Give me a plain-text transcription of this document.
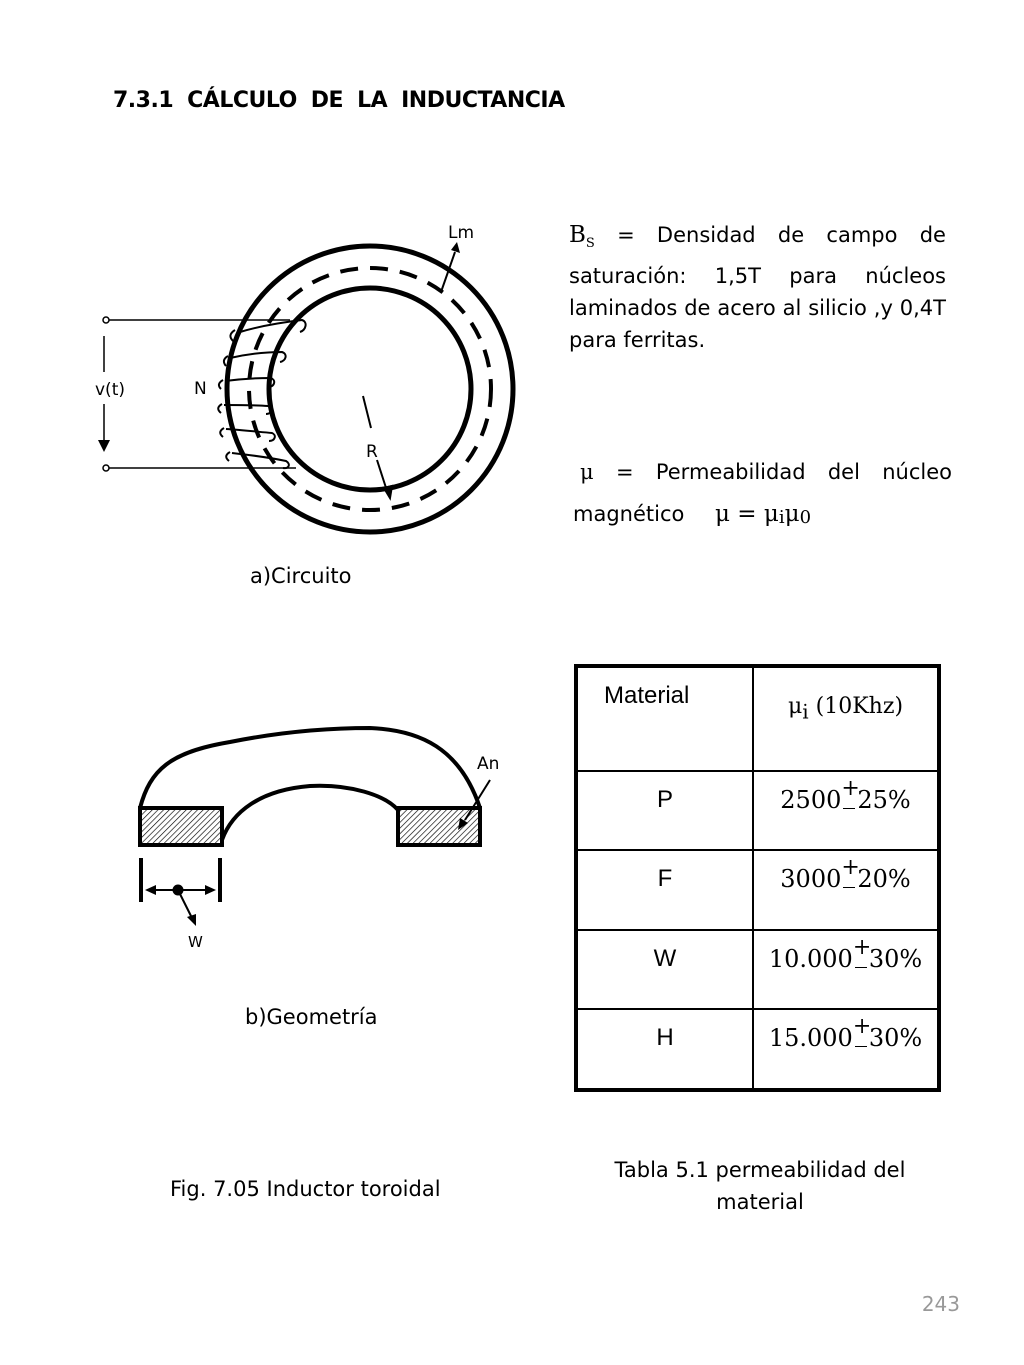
7.3.1 CÁLCULO DE LA INDUCTANCIA
Lm
v(t)	N
R
a)Circuito
$B_S$ = Densidad de campo de
saturación: 1,5T para núcleos laminados de acero al silicio ,y 0,4T para ferritas.
μ = Permeabilidad del núcleo
magnético $\mu = \mu_i\mu_0$
An
W
b)Geometría
Material	$\mu_i$ (10Khz)
P	2500 + 25%
F	3000 + 20%
W	10.000 + 30%
H	15.000 + 30%
Tabla 5.1 permeabilidad del
material
Fig. 7.05 Inductor toroidal
243
